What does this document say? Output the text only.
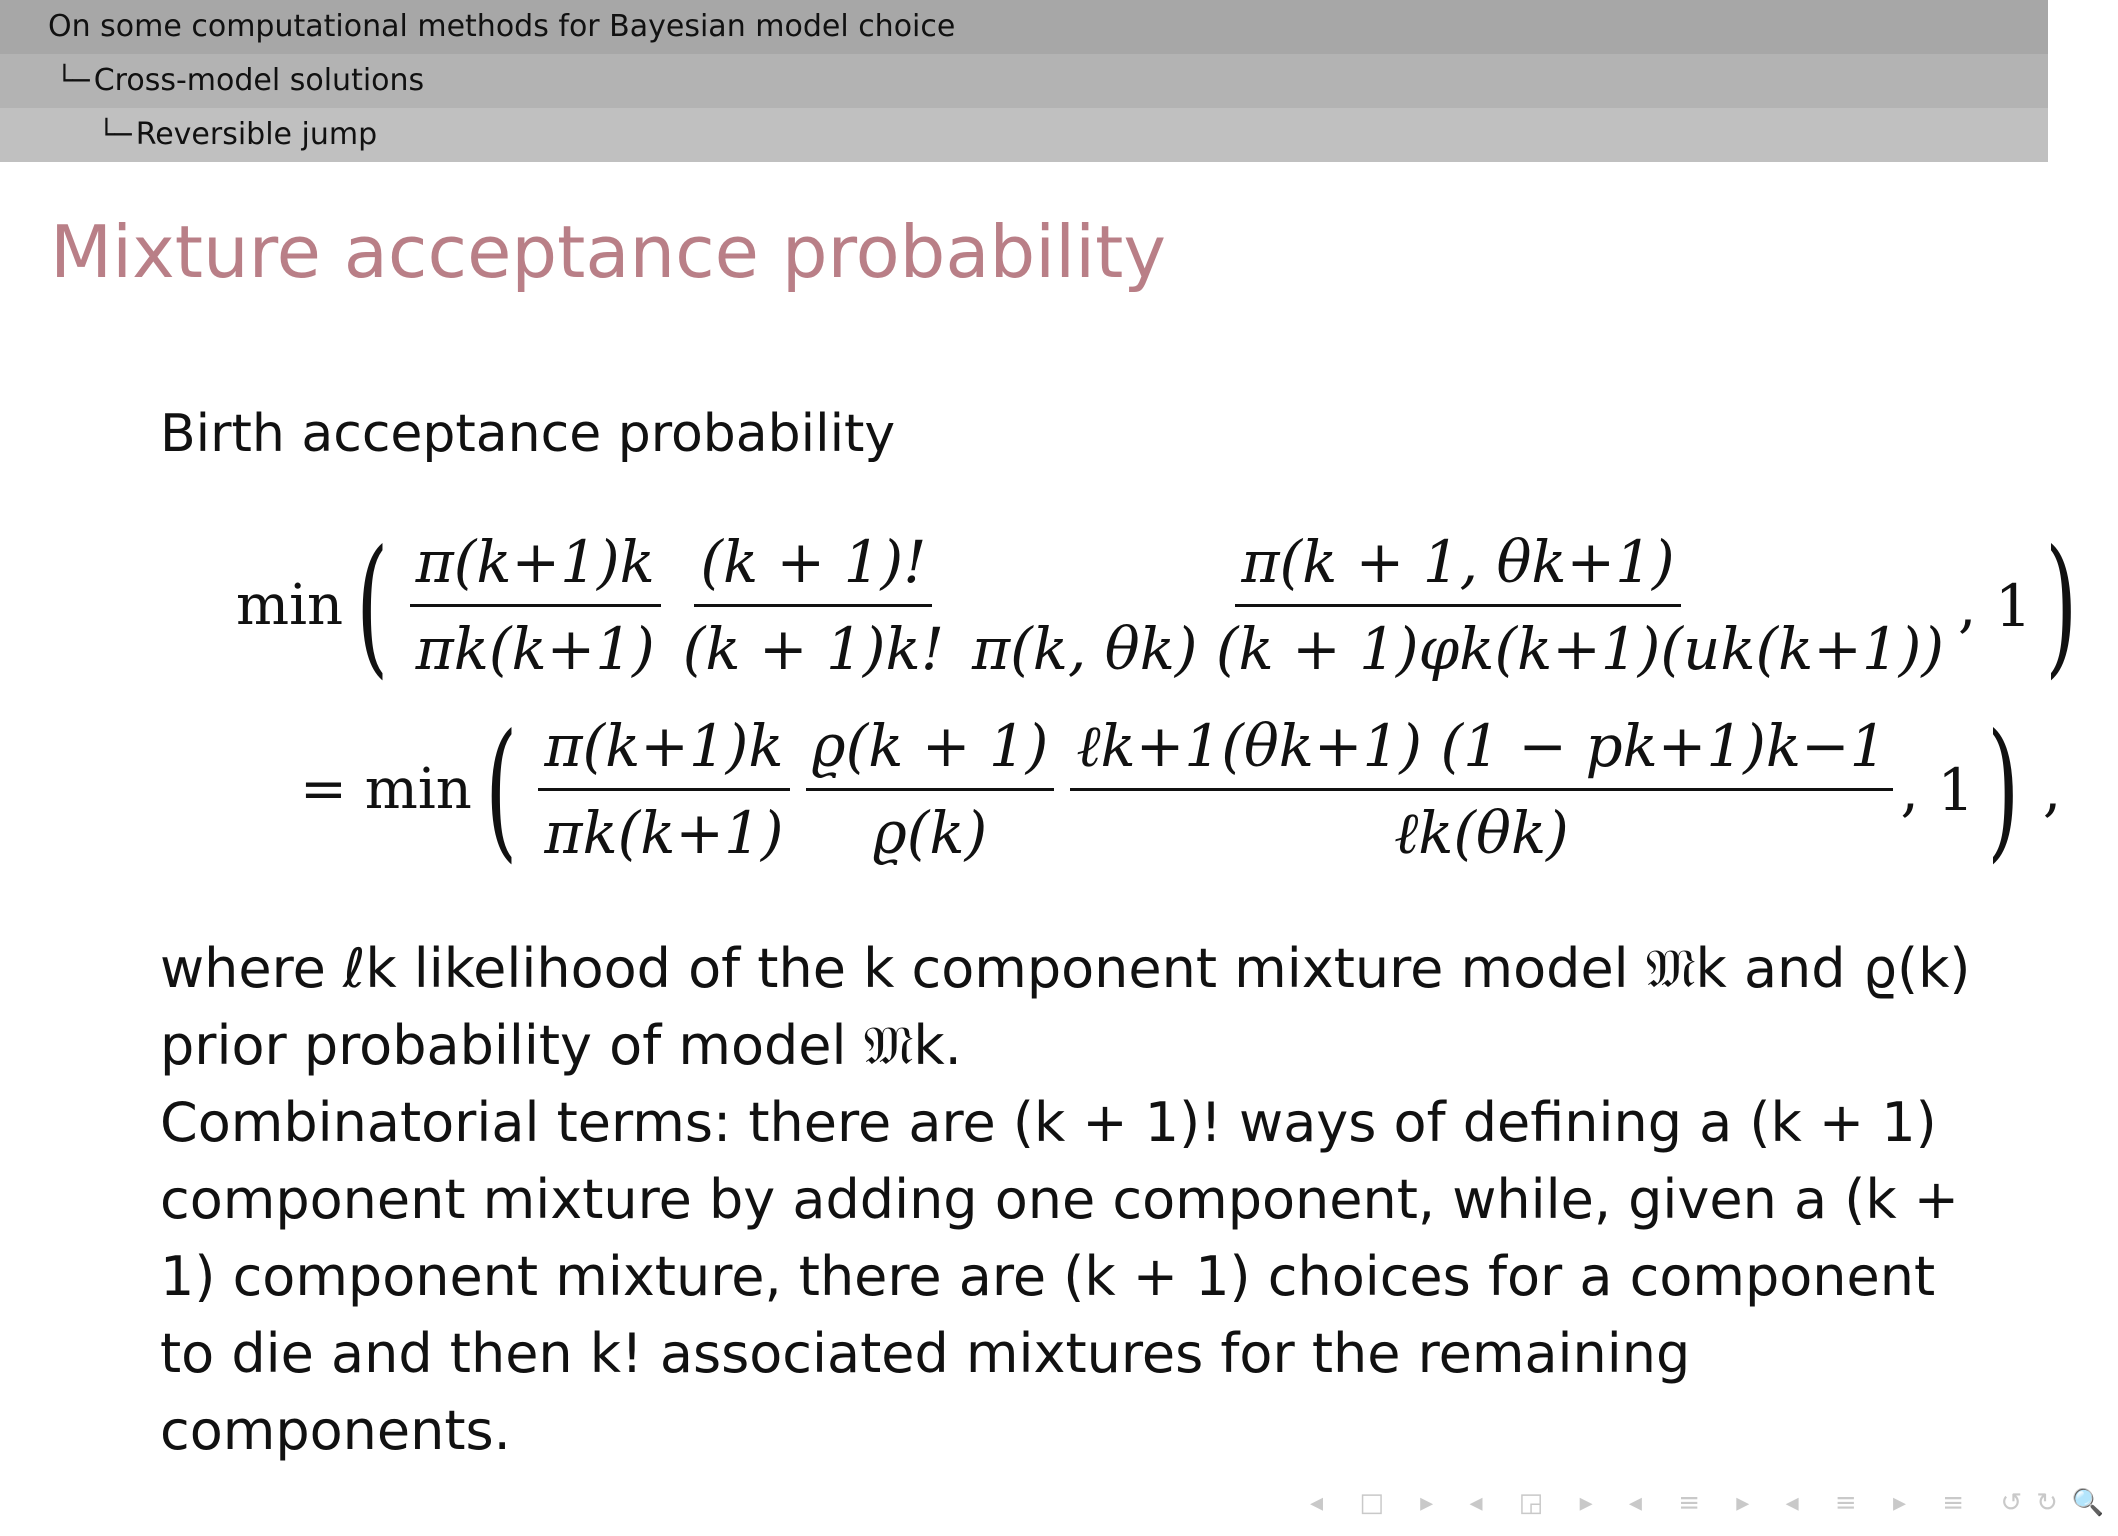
On some computational methods for Bayesian model choice
└─ Cross-model solutions
└─ Reversible jump
Mixture acceptance probability
Birth acceptance probability
min ( $\frac{\pi(k+1)k}{\pi k(k+1)} \frac{(k + 1)!}{(k + 1)k!} \frac{\pi(k + 1, \theta k+1)}{\pi(k, \theta k) (k + 1)\varphi k(k+1)(uk(k+1))}$ , 1 )
= min ( $\frac{\pi(k+1)k}{\pi k(k+1)} \frac{ϱ(k + 1)}{ϱ(k)}$ ℓk+1(θk+1) (1 − pk+1)k−1
ℓk(θk)
, 1 ) ,

where ℓk likelihood of the k component mixture model 𝔐k and ϱ(k) prior probability of model 𝔐k.

Combinatorial terms: there are (k + 1)! ways of defining a (k + 1) component mixture by adding one component, while, given a (k + 1) component mixture, there are (k + 1) choices for a component to die and then k! associated mixtures for the remaining components.

◂ □ ▸ ◂ ◲ ▸ ◂ ≡ ▸ ◂ ≡ ▸ ≡ ↺↻🔍
